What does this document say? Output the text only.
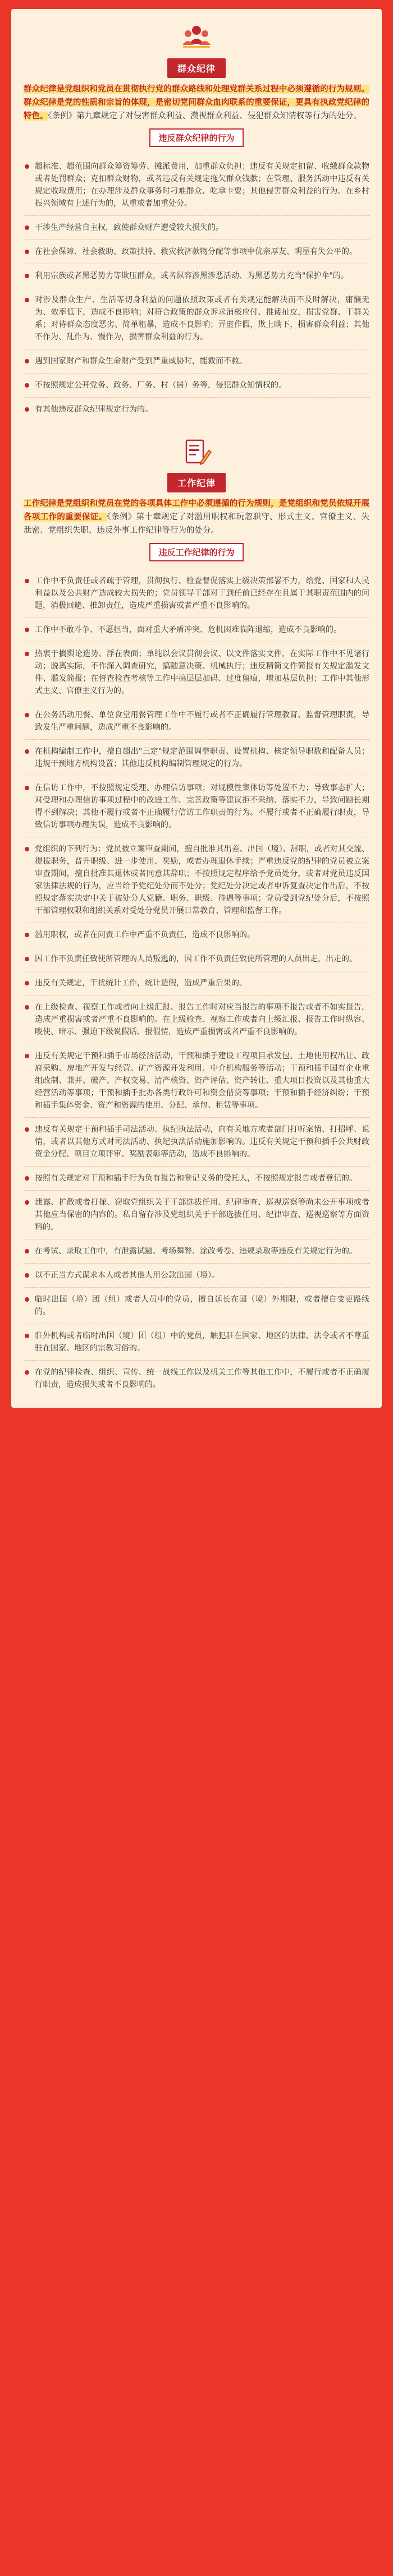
群众纪律

群众纪律是党组织和党员在贯彻执行党的群众路线和处理党群关系过程中必须遵循的行为规则。群众纪律是党的性质和宗旨的体现，是密切党同群众血肉联系的重要保证，更具有执政党纪律的特色。《条例》第九章规定了对侵害群众利益、漠视群众利益、侵犯群众知情权等行为的处分。

违反群众纪律的行为
超标准、超范围向群众筹资筹劳、摊派费用，加重群众负担；违反有关规定扣留、收缴群众款物或者处罚群众；克扣群众财物，或者违反有关规定拖欠群众钱款；在管理、服务活动中违反有关规定收取费用；在办理涉及群众事务时刁难群众、吃拿卡要；其他侵害群众利益的行为。在乡村振兴领域有上述行为的，从重或者加重处分。
干涉生产经营自主权，致使群众财产遭受较大损失的。
在社会保障、社会救助、政策扶持、救灾救济款物分配等事项中优亲厚友、明显有失公平的。
利用宗族或者黑恶势力等欺压群众，或者纵容涉黑涉恶活动、为黑恶势力充当"保护伞"的。
对涉及群众生产、生活等切身利益的问题依照政策或者有关规定能解决而不及时解决，庸懒无为、效率低下，造成不良影响；对符合政策的群众诉求消极应付、推诿扯皮，损害党群、干群关系；对待群众态度恶劣、简单粗暴，造成不良影响；弄虚作假，欺上瞒下，损害群众利益；其他不作为、乱作为、慢作为，损害群众利益的行为。
遇到国家财产和群众生命财产受到严重威胁时，能救而不救。
不按照规定公开党务、政务、厂务、村（居）务等，侵犯群众知情权的。
有其他违反群众纪律规定行为的。
工作纪律

工作纪律是党组织和党员在党的各项具体工作中必须遵循的行为规则，是党组织和党员依规开展各项工作的重要保证。《条例》第十章规定了对滥用职权和玩忽职守、形式主义、官僚主义、失泄密、党组织失职、违反外事工作纪律等行为的处分。

违反工作纪律的行为
工作中不负责任或者疏于管理，贯彻执行、检查督促落实上级决策部署不力，给党、国家和人民利益以及公共财产造成较大损失的；党员领导干部对于到任前已经存在且属于其职责范围内的问题，消极回避、推卸责任，造成严重损害或者严重不良影响的。
工作中不敢斗争、不愿担当，面对重大矛盾冲突、危机困难临阵退缩，造成不良影响的。
热衷于搞舆论造势、浮在表面；单纯以会议贯彻会议、以文件落实文件，在实际工作中不见诸行动；脱离实际，不作深入调查研究，搞随意决策、机械执行；违反精简文件简报有关规定滥发文件、滥发简报；在督查检查考核等工作中搞层层加码、过度留痕，增加基层负担；工作中其他形式主义、官僚主义行为的。
在公务活动用餐、单位食堂用餐管理工作中不履行或者不正确履行管理教育、监督管理职责，导致发生严重问题，造成严重不良影响的。
在机构编制工作中，擅自超出"三定"规定范围调整职责、设置机构、核定领导职数和配备人员；违规干预地方机构设置；其他违反机构编制管理规定的行为。
在信访工作中，不按照规定受理、办理信访事项；对规模性集体访等处置不力；导致事态扩大；对受理和办理信访事项过程中的改进工作、完善政策等建议拒不采纳、落实不力，导致问题长期得不到解决；其他不履行或者不正确履行信访工作职责的行为。不履行或者不正确履行职责，导致信访事项办理失误，造成不良影响的。
党组织的下列行为：党员被立案审查期间，擅自批准其出差、出国（境）、辞职，或者对其交流、提拔职务，晋升职级、进一步使用、奖励，或者办理退休手续；严重违反党的纪律的党员被立案审查期间，擅自批准其退休或者同意其辞职；不按照规定程序给予党员处分，或者对党员违反国家法律法规的行为，应当给予党纪处分而不处分；党纪处分决定或者申诉复查决定作出后，不按照规定落实决定中关于被处分人党籍、职务、职级、待遇等事项；党员受到党纪处分后，不按照干部管理权限和组织关系对受处分党员开展日常教育、管理和监督工作。
滥用职权，或者在问责工作中严重不负责任，造成不良影响的。
因工作不负责任致使所管理的人员叛逃的，因工作不负责任致使所管理的人员出走，出走的。
违反有关规定，干扰统计工作，统计造假，造成严重后果的。
在上级检查、视察工作或者向上级汇报、报告工作时对应当报告的事项不报告或者不如实报告，造成严重损害或者严重不良影响的。在上级检查、视察工作或者向上级汇报、报告工作时纵容、唆使、暗示、强迫下级说假话、报假情，造成严重损害或者严重不良影响的。
违反有关规定干预和插手市场经济活动，干预和插手建设工程项目承发包、土地使用权出让、政府采购、房地产开发与经营、矿产资源开发利用、中介机构服务等活动；干预和插手国有企业重组改制、兼并、破产、产权交易、清产核资、资产评估、资产转让、重大项目投资以及其他重大经营活动等事项；干预和插手批办各类行政许可和资金借贷等事项；干预和插手经济纠纷；干预和插手集体资金、资产和资源的使用、分配、承包、租赁等事项。
违反有关规定干预和插手司法活动、执纪执法活动，向有关地方或者部门打听案情、打招呼、说情，或者以其他方式对司法活动、执纪执法活动施加影响的。违反有关规定干预和插手公共财政资金分配、项目立项评审、奖励表彰等活动，造成不良影响的。
按照有关规定对干预和插手行为负有报告和登记义务的受托人，不按照规定报告或者登记的。
泄露、扩散或者打探、窃取党组织关于干部选拔任用、纪律审查、巡视巡察等尚未公开事项或者其他应当保密的内容的。私自留存涉及党组织关于干部选拔任用、纪律审查、巡视巡察等方面资料的。
在考试、录取工作中，有泄露试题、考场舞弊、涂改考卷、违规录取等违反有关规定行为的。
以不正当方式谋求本人或者其他人用公款出国（境）。
临时出国（境）团（组）或者人员中的党员，擅自延长在国（境）外期限，或者擅自变更路线的。
驻外机构或者临时出国（境）团（组）中的党员，触犯驻在国家、地区的法律、法令或者不尊重驻在国家、地区的宗教习俗的。
在党的纪律检查、组织、宣传、统一战线工作以及机关工作等其他工作中，不履行或者不正确履行职责，造成损失或者不良影响的。
